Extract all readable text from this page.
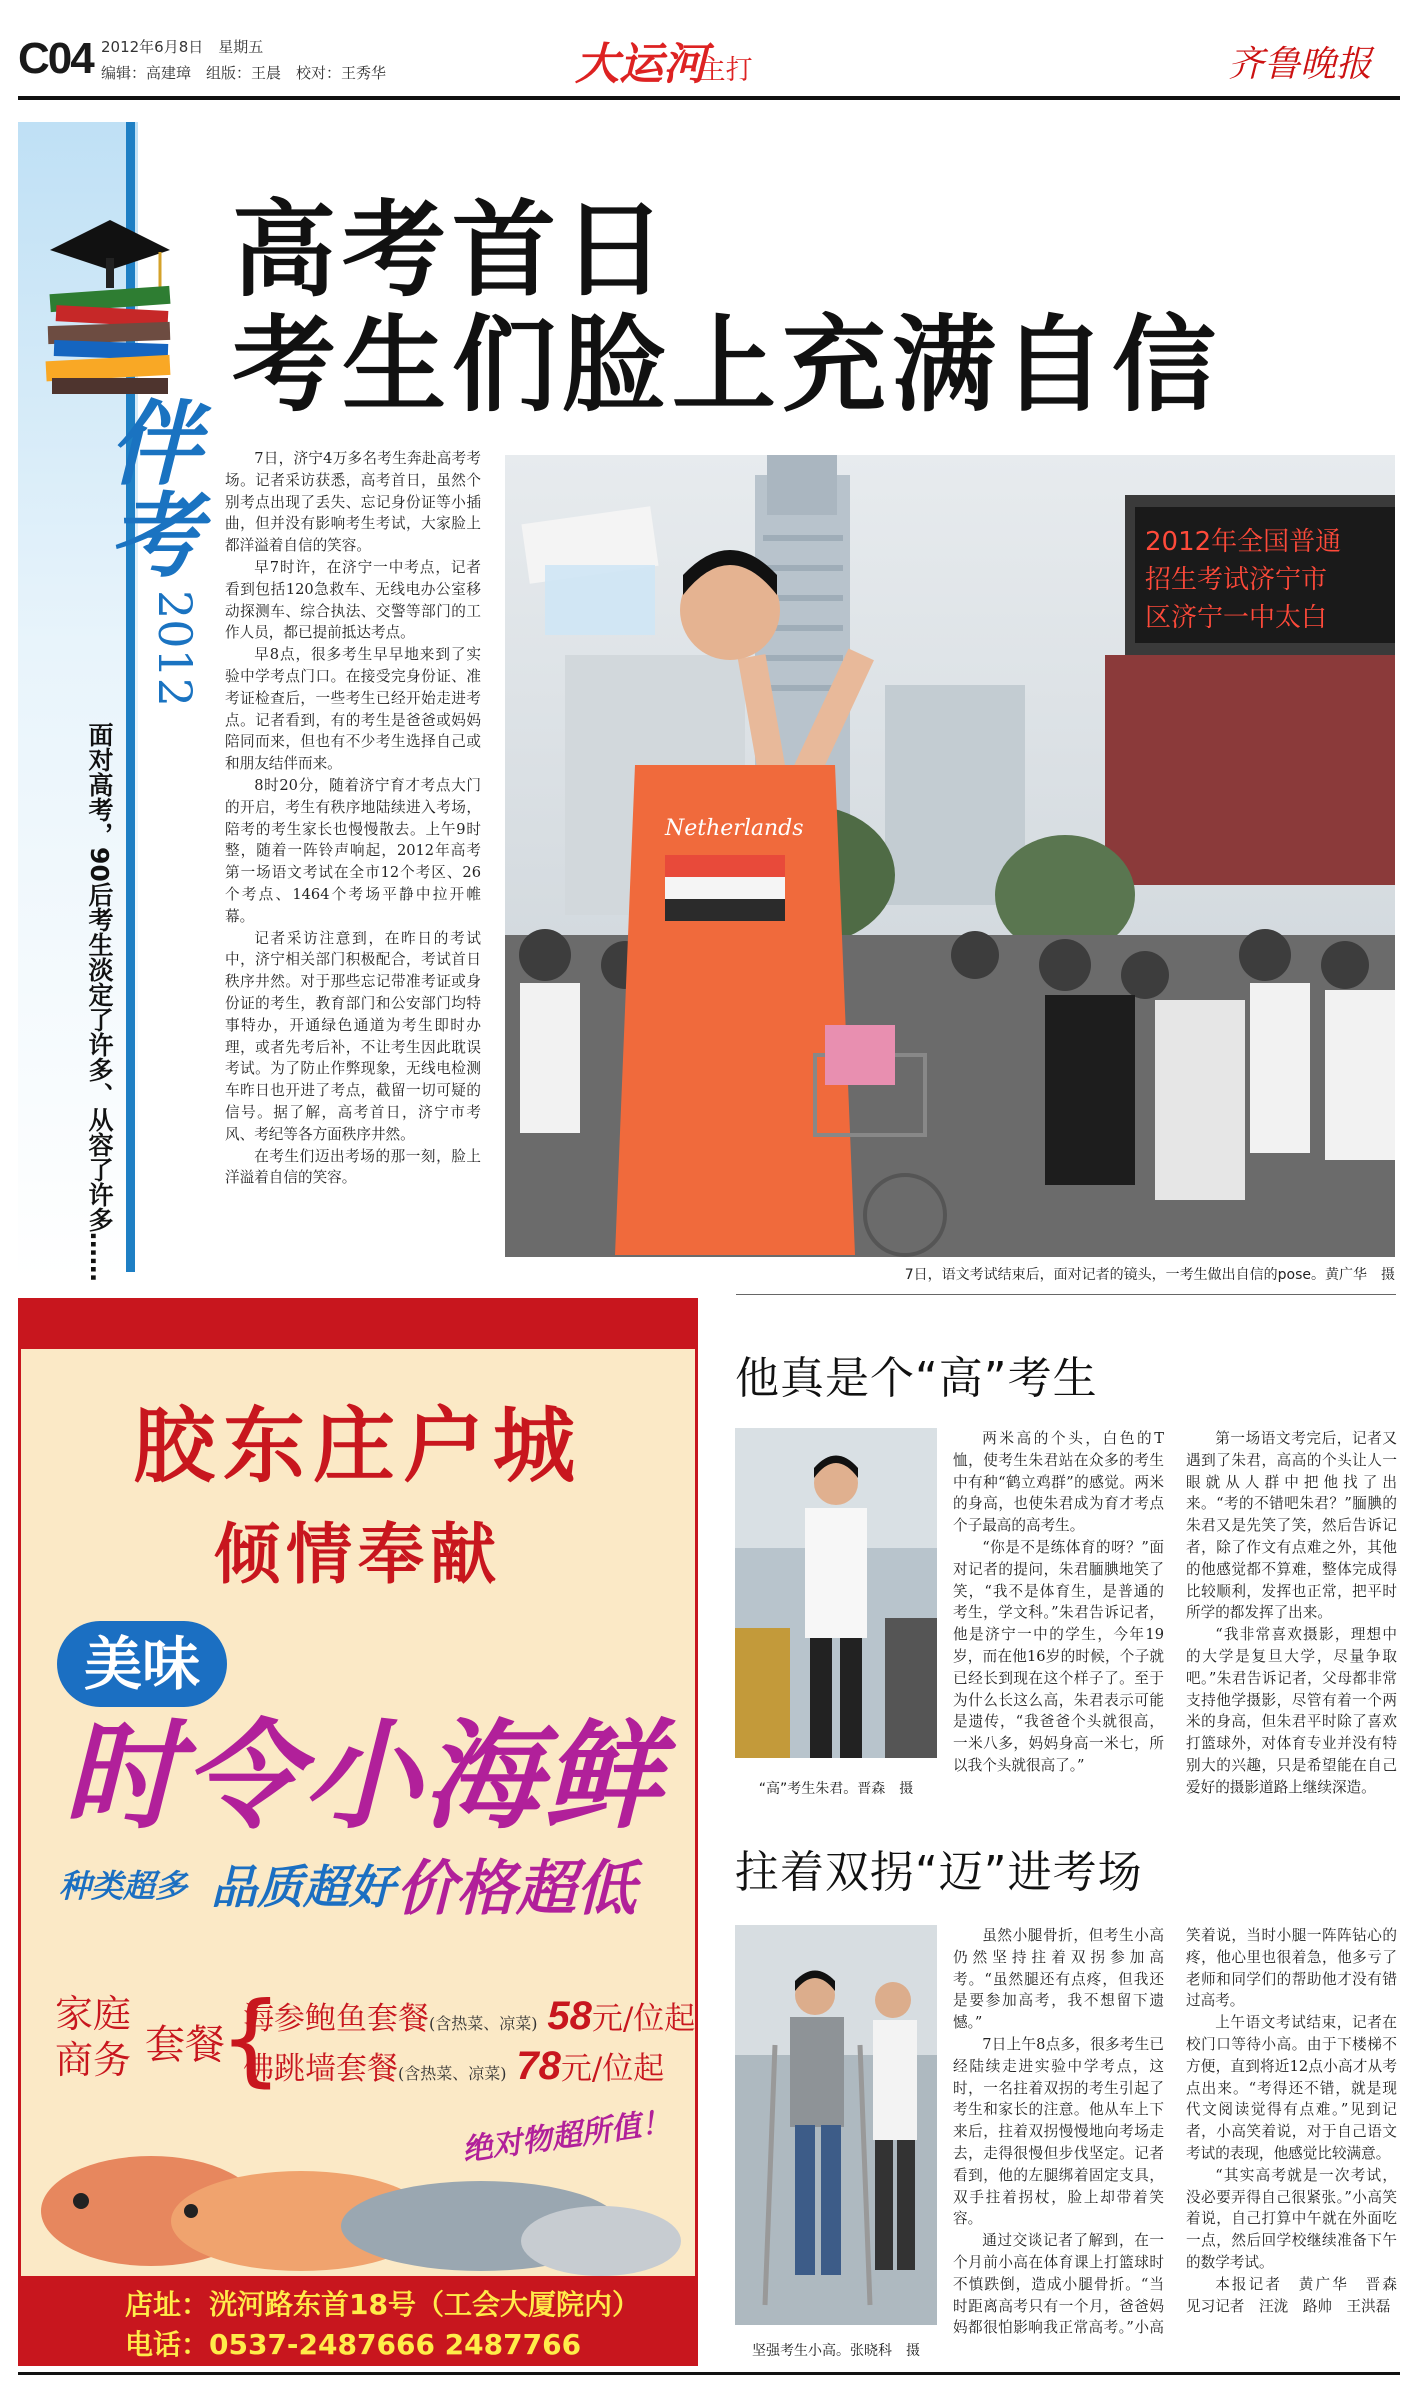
C04 2012年6月8日　星期五
编辑：高建璋　组版：王晨　校对：王秀华	大运河
·主打	齐鲁晚报
伴考
2012
面对高考，90后考生淡定了许多、从容了许多……
高考首日
考生们脸上充满自信

7日，济宁4万多名考生奔赴高考考场。记者采访获悉，高考首日，虽然个别考点出现了丢失、忘记身份证等小插曲，但并没有影响考生考试，大家脸上都洋溢着自信的笑容。

早7时许，在济宁一中考点，记者看到包括120急救车、无线电办公室移动探测车、综合执法、交警等部门的工作人员，都已提前抵达考点。

早8点，很多考生早早地来到了实验中学考点门口。在接受完身份证、准考证检查后，一些考生已经开始走进考点。记者看到，有的考生是爸爸或妈妈陪同而来，但也有不少考生选择自己或和朋友结伴而来。

8时20分，随着济宁育才考点大门的开启，考生有秩序地陆续进入考场，陪考的考生家长也慢慢散去。上午9时整，随着一阵铃声响起，2012年高考第一场语文考试在全市12个考区、26个考点、1464个考场平静中拉开帷幕。

记者采访注意到，在昨日的考试中，济宁相关部门积极配合，考试首日秩序井然。对于那些忘记带准考证或身份证的考生，教育部门和公安部门均特事特办，开通绿色通道为考生即时办理，或者先考后补，不让考生因此耽误考试。为了防止作弊现象，无线电检测车昨日也开进了考点，截留一切可疑的信号。据了解，高考首日，济宁市考风、考纪等各方面秩序井然。

在考生们迈出考场的那一刻，脸上洋溢着自信的笑容。

2012年全国普通
招生考试济宁市
区济宁一中太白
Netherlands
7日，语文考试结束后，面对记者的镜头，一考生做出自信的pose。黄广华　摄
胶东庄户城
倾情奉献
美味
时令小海鲜
种类超多 品质超好 价格超低
家庭
商务 套餐
{
海参鲍鱼套餐(含热菜、凉菜) 58元/位起
佛跳墙套餐(含热菜、凉菜) 78元/位起
绝对物超所值！
店址：洸河路东首18号（工会大厦院内）
电话：0537-2487666 2487766
他真是个“高”考生
“高”考生朱君。晋森　摄

两米高的个头，白色的T恤，使考生朱君站在众多的考生中有种“鹤立鸡群”的感觉。两米的身高，也使朱君成为育才考点个子最高的高考生。

“你是不是练体育的呀？”面对记者的提问，朱君腼腆地笑了笑，“我不是体育生，是普通的考生，学文科。”朱君告诉记者，他是济宁一中的学生，今年19岁，而在他16岁的时候，个子就已经长到现在这个样子了。至于为什么长这么高，朱君表示可能是遗传，“我爸爸个头就很高，一米八多，妈妈身高一米七，所以我个头就很高了。”

第一场语文考完后，记者又遇到了朱君，高高的个头让人一眼就从人群中把他找了出来。“考的不错吧朱君？”腼腆的朱君又是先笑了笑，然后告诉记者，除了作文有点难之外，其他的他感觉都不算难，整体完成得比较顺利，发挥也正常，把平时所学的都发挥了出来。

“我非常喜欢摄影，理想中的大学是复旦大学，尽量争取吧。”朱君告诉记者，父母都非常支持他学摄影，尽管有着一个两米的身高，但朱君平时除了喜欢打篮球外，对体育专业并没有特别大的兴趣，只是希望能在自己爱好的摄影道路上继续深造。

拄着双拐“迈”进考场
坚强考生小高。张晓科　摄

虽然小腿骨折，但考生小高仍然坚持拄着双拐参加高考。“虽然腿还有点疼，但我还是要参加高考，我不想留下遗憾。”

7日上午8点多，很多考生已经陆续走进实验中学考点，这时，一名拄着双拐的考生引起了考生和家长的注意。他从车上下来后，拄着双拐慢慢地向考场走去，走得很慢但步伐坚定。记者看到，他的左腿绑着固定支具，双手拄着拐杖，脸上却带着笑容。

通过交谈记者了解到，在一个月前小高在体育课上打篮球时不慎跌倒，造成小腿骨折。“当时距离高考只有一个月，爸爸妈妈都很怕影响我正常高考。”小高笑着说，当时小腿一阵阵钻心的疼，他心里也很着急，他多亏了老师和同学们的帮助他才没有错过高考。

上午语文考试结束，记者在校门口等待小高。由于下楼梯不方便，直到将近12点小高才从考点出来。“考得还不错，就是现代文阅读觉得有点难。”见到记者，小高笑着说，对于自己语文考试的表现，他感觉比较满意。

“其实高考就是一次考试，没必要弄得自己很紧张。”小高笑着说，自己打算中午就在外面吃一点，然后回学校继续准备下午的数学考试。

本报记者　黄广华　晋森　见习记者　汪泷　路帅　王洪磊
